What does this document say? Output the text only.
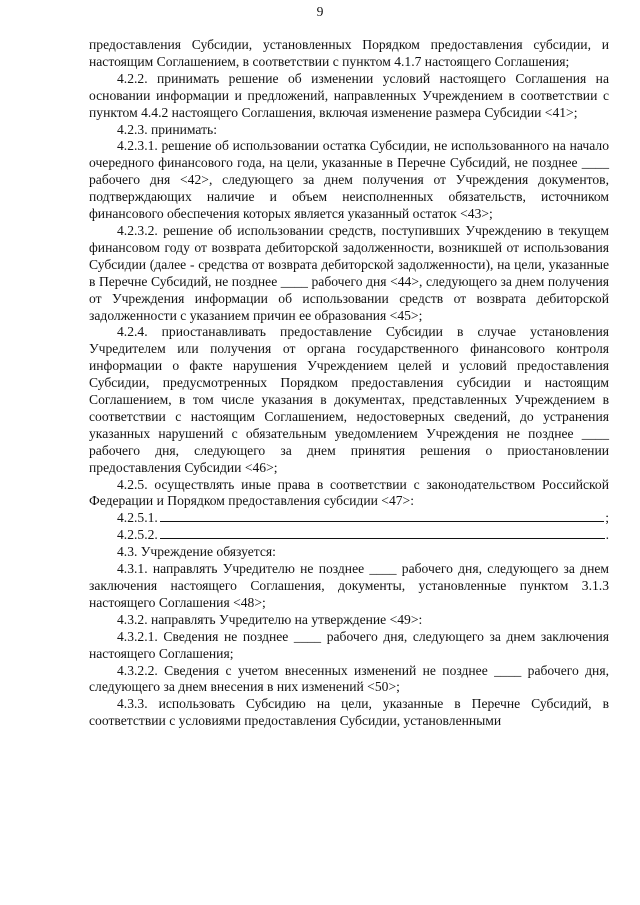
9

предоставления Субсидии, установленных Порядком предоставления субсидии, и настоящим Соглашением, в соответствии с пунктом 4.1.7 настоящего Соглашения;

4.2.2. принимать решение об изменении условий настоящего Соглашения на основании информации и предложений, направленных Учреждением в соответствии с пунктом 4.4.2 настоящего Соглашения, включая изменение размера Субсидии <41>;

4.2.3. принимать:

4.2.3.1. решение об использовании остатка Субсидии, не использованного на начало очередного финансового года, на цели, указанные в Перечне Субсидий, не позднее ____ рабочего дня <42>, следующего за днем получения от Учреждения документов, подтверждающих наличие и объем неисполненных обязательств, источником финансового обеспечения которых является указанный остаток <43>;

4.2.3.2. решение об использовании средств, поступивших Учреждению в текущем финансовом году от возврата дебиторской задолженности, возникшей от использования Субсидии (далее - средства от возврата дебиторской задолженности), на цели, указанные в Перечне Субсидий, не позднее ____ рабочего дня <44>, следующего за днем получения от Учреждения информации об использовании средств от возврата дебиторской задолженности с указанием причин ее образования <45>;

4.2.4. приостанавливать предоставление Субсидии в случае установления Учредителем или получения от органа государственного финансового контроля информации о факте нарушения Учреждением целей и условий предоставления Субсидии, предусмотренных Порядком предоставления субсидии и настоящим Соглашением, в том числе указания в документах, представленных Учреждением в соответствии с настоящим Соглашением, недостоверных сведений, до устранения указанных нарушений с обязательным уведомлением Учреждения не позднее ____ рабочего дня, следующего за днем принятия решения о приостановлении предоставления Субсидии <46>;

4.2.5. осуществлять иные права в соответствии с законодательством Российской Федерации и Порядком предоставления субсидии <47>:

4.2.5.1.	;
4.2.5.2.	.

4.3. Учреждение обязуется:

4.3.1. направлять Учредителю не позднее ____ рабочего дня, следующего за днем заключения настоящего Соглашения, документы, установленные пунктом 3.1.3 настоящего Соглашения <48>;

4.3.2. направлять Учредителю на утверждение <49>:

4.3.2.1. Сведения не позднее ____ рабочего дня, следующего за днем заключения настоящего Соглашения;

4.3.2.2. Сведения с учетом внесенных изменений не позднее ____ рабочего дня, следующего за днем внесения в них изменений <50>;

4.3.3. использовать Субсидию на цели, указанные в Перечне Субсидий, в соответствии с условиями предоставления Субсидии, установленными
